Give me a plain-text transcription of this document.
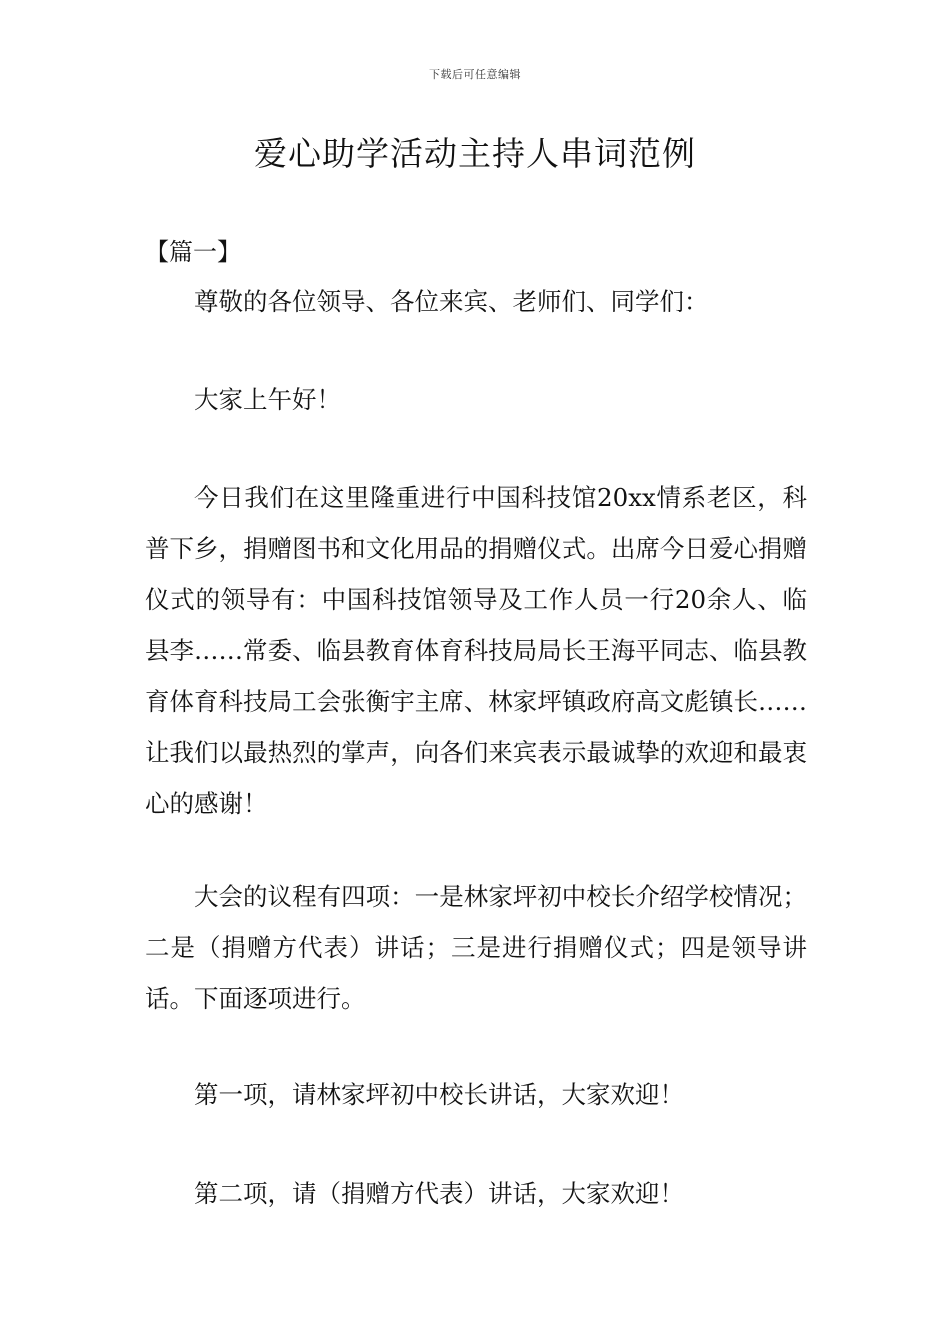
下载后可任意编辑
爱心助学活动主持人串词范例
【篇一】

尊敬的各位领导、各位来宾、老师们、同学们：

大家上午好！

今日我们在这里隆重进行中国科技馆20xx情系老区，科普下乡，捐赠图书和文化用品的捐赠仪式。出席今日爱心捐赠仪式的领导有：中国科技馆领导及工作人员一行20余人、临县李……常委、临县教育体育科技局局长王海平同志、临县教育体育科技局工会张衡宇主席、林家坪镇政府高文彪镇长……让我们以最热烈的掌声，向各们来宾表示最诚挚的欢迎和最衷心的感谢！

大会的议程有四项：一是林家坪初中校长介绍学校情况；二是（捐赠方代表）讲话；三是进行捐赠仪式；四是领导讲话。下面逐项进行。

第一项，请林家坪初中校长讲话，大家欢迎！

第二项，请（捐赠方代表）讲话，大家欢迎！
